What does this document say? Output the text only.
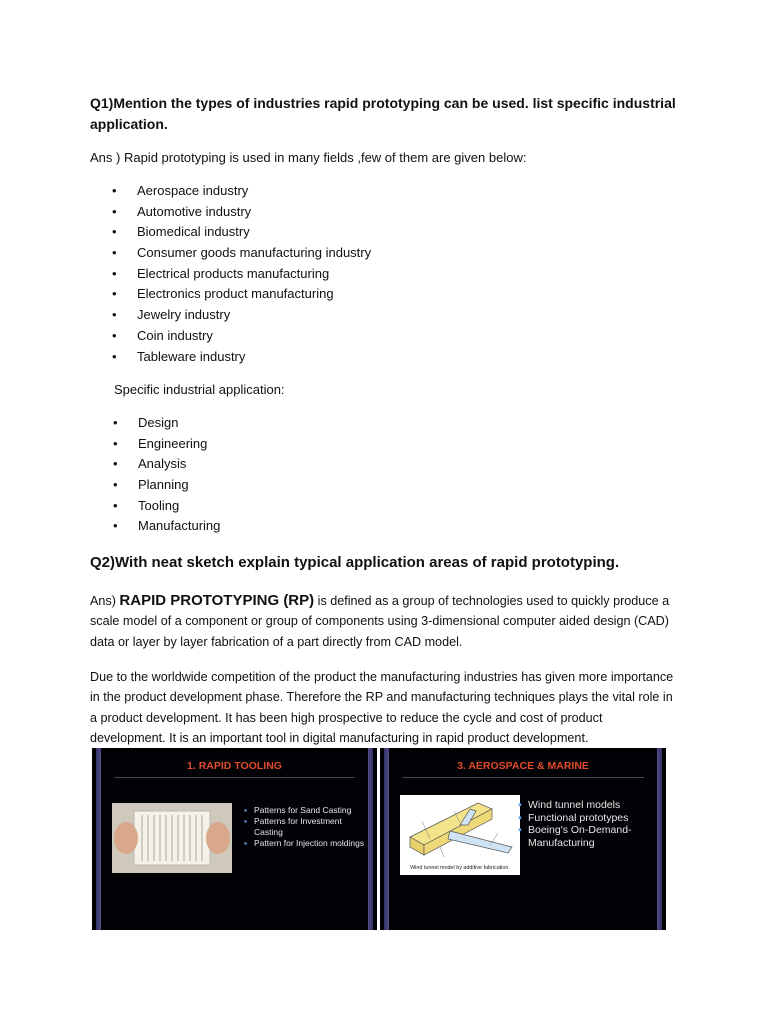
Q1)Mention the types of industries rapid prototyping can be used. list specific industrial application.
Ans ) Rapid prototyping is used in many fields ,few of them are given below:
• Aerospace industry
• Automotive industry
• Biomedical industry
• Consumer goods manufacturing industry
• Electrical products manufacturing
• Electronics product manufacturing
• Jewelry industry
• Coin industry
• Tableware industry
Specific industrial application:
• Design
• Engineering
• Analysis
• Planning
• Tooling
• Manufacturing
Q2)With neat sketch explain typical application areas of rapid prototyping.
Ans) RAPID PROTOTYPING (RP) is defined as a group of technologies used to quickly produce a scale model of a component or group of components using 3-dimensional computer aided design (CAD) data or layer by layer fabrication of a part directly from CAD model.
Due to the worldwide competition of the product the manufacturing industries has given more importance in the product development phase. Therefore the RP and manufacturing techniques plays the vital role in a product development. It has been high prospective to reduce the cycle and cost of product development. It is an important tool in digital manufacturing in rapid product development.
1. RAPID TOOLING
▪ Patterns for Sand Casting
▪ Patterns for Investment Casting
▪ Pattern for Injection moldings
3. AEROSPACE & MARINE
Wind tunnel model by additive fabrication.
▪ Wind tunnel models
▪ Functional prototypes
▪ Boeing's On-Demand-Manufacturing
